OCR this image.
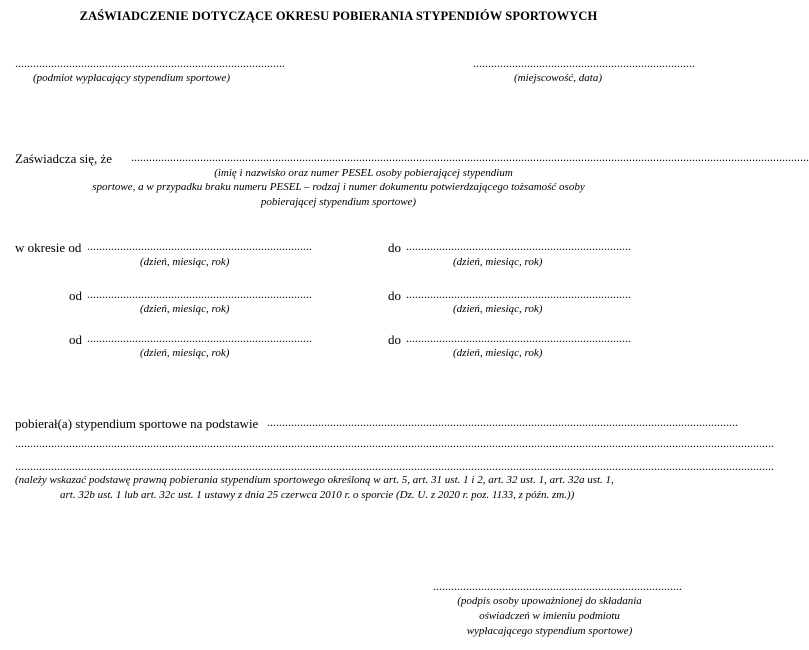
ZAŚWIADCZENIE DOTYCZĄCE OKRESU POBIERANIA STYPENDIÓW SPORTOWYCH
..........................................................................................
(podmiot wypłacający stypendium sportowe)
..........................................................................
(miejscowość, data)
Zaświadcza się, że ..................................................................................................................................................................................................................................
(imię i nazwisko oraz numer PESEL osoby pobierającej stypendium
sportowe, a w przypadku braku numeru PESEL – rodzaj i numer dokumentu potwierdzającego tożsamość osoby
pobierającej stypendium sportowe)
w okresie od ...........................................................................
(dzień, miesiąc, rok)
do ...........................................................................
(dzień, miesiąc, rok)
od ...........................................................................
(dzień, miesiąc, rok)
do ...........................................................................
(dzień, miesiąc, rok)
od ...........................................................................
(dzień, miesiąc, rok)
do ...........................................................................
(dzień, miesiąc, rok)
pobierał(a) stypendium sportowe na podstawie .............................................................................................................................................................
.............................................................................................................................................................................................................................................................
.............................................................................................................................................................................................................................................................
(należy wskazać podstawę prawną pobierania stypendium sportowego określoną w art. 5, art. 31 ust. 1 i 2, art. 32 ust. 1, art. 32a ust. 1,
art. 32b ust. 1 lub art. 32c ust. 1 ustawy z dnia 25 czerwca 2010 r. o sporcie (Dz. U. z 2020 r. poz. 1133, z późn. zm.))
...................................................................................
(podpis osoby upoważnionej do składania
oświadczeń w imieniu podmiotu
wypłacającego stypendium sportowe)
